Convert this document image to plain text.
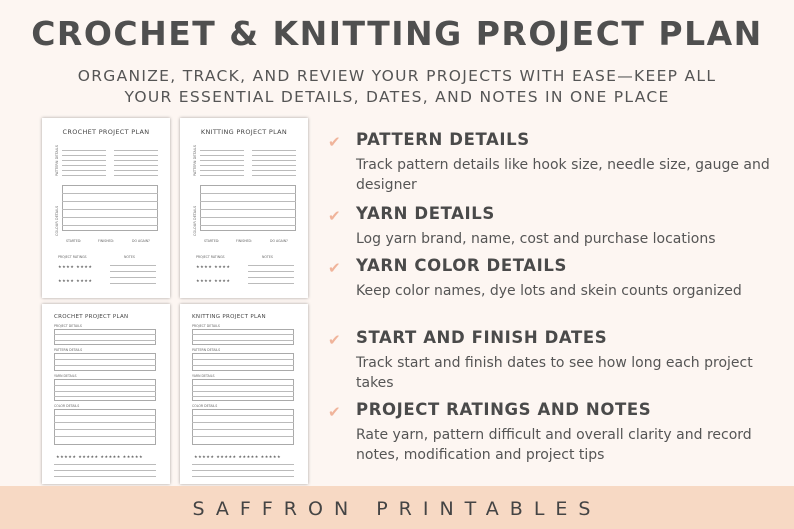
CROCHET & KNITTING PROJECT PLAN
ORGANIZE, TRACK, AND REVIEW YOUR PROJECTS WITH EASE—KEEP ALL
YOUR ESSENTIAL DETAILS, DATES, AND NOTES IN ONE PLACE
CROCHET PROJECT PLAN
PATTERN DETAILS
COLOUR DETAILS
STARTED:	FINISHED:	DO AGAIN?
PROJECT RATINGS	NOTES
★★★★ ★★★★
★★★★ ★★★★
KNITTING PROJECT PLAN
PATTERN DETAILS
COLOUR DETAILS
STARTED:	FINISHED:	DO AGAIN?
PROJECT RATINGS	NOTES
★★★★ ★★★★
★★★★ ★★★★
CROCHET PROJECT PLAN
PROJECT DETAILS
PATTERN DETAILS
YARN DETAILS
COLOR DETAILS
★★★★★ ★★★★★ ★★★★★ ★★★★★
KNITTING PROJECT PLAN
PROJECT DETAILS
PATTERN DETAILS
YARN DETAILS
COLOR DETAILS
★★★★★ ★★★★★ ★★★★★ ★★★★★
✔ PATTERN DETAILS
Track pattern details like hook size, needle size, gauge and designer
✔ YARN DETAILS
Log yarn brand, name, cost and purchase locations
✔ YARN COLOR DETAILS
Keep color names, dye lots and skein counts organized
✔ START AND FINISH DATES
Track start and finish dates to see how long each project takes
✔ PROJECT RATINGS AND NOTES
Rate yarn, pattern difficult and overall clarity and record notes, modification and project tips
SAFFRON PRINTABLES
